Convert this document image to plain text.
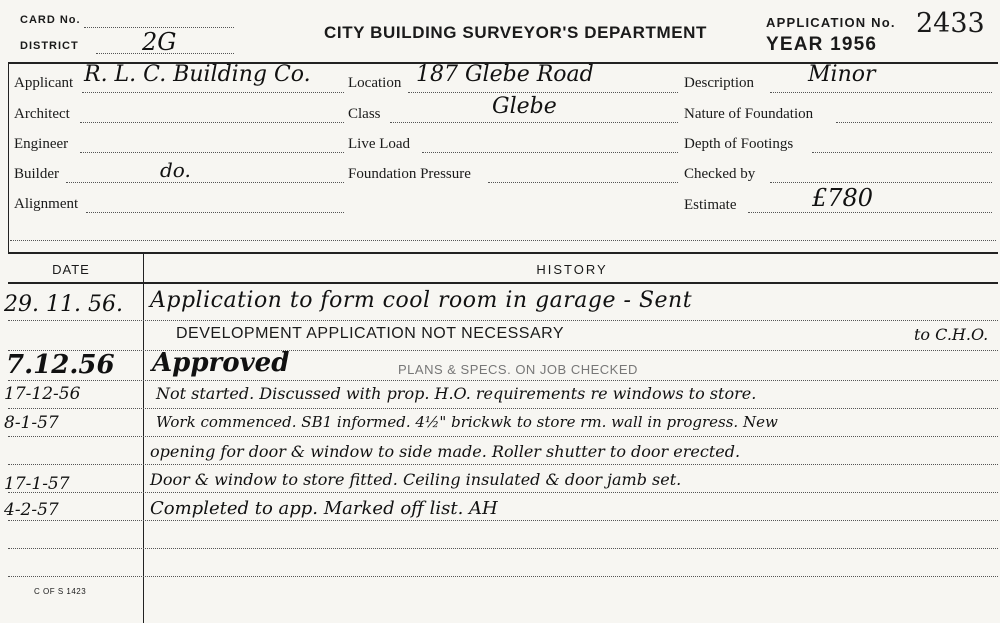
CARD No.
DISTRICT	2G	CITY BUILDING SURVEYOR'S DEPARTMENT
APPLICATION No. 2433
YEAR 1956
Applicant R. L. C. Building Co.
Architect
Engineer
Builder	do.
Alignment
Location 187 Glebe Road
Class	Glebe
Live Load
Foundation Pressure
Description Minor
Nature of Foundation
Depth of Footings
Checked by
Estimate	£780
DATE	HISTORY
29. 11. 56. Application to form cool room in garage - Sent
DEVELOPMENT APPLICATION NOT NECESSARY	to C.H.O.
7.12.56 Approved	PLANS & SPECS. ON JOB CHECKED
17-12-56	Not started. Discussed with prop. H.O. requirements re windows to store.
8-1-57	Work commenced. SB1 informed. 4½" brickwk to store rm. wall in progress. New
opening for door & window to side made. Roller shutter to door erected.
17-1-57	Door & window to store fitted. Ceiling insulated & door jamb set.
4-2-57	Completed to app. Marked off list. AH
C OF S 1423
